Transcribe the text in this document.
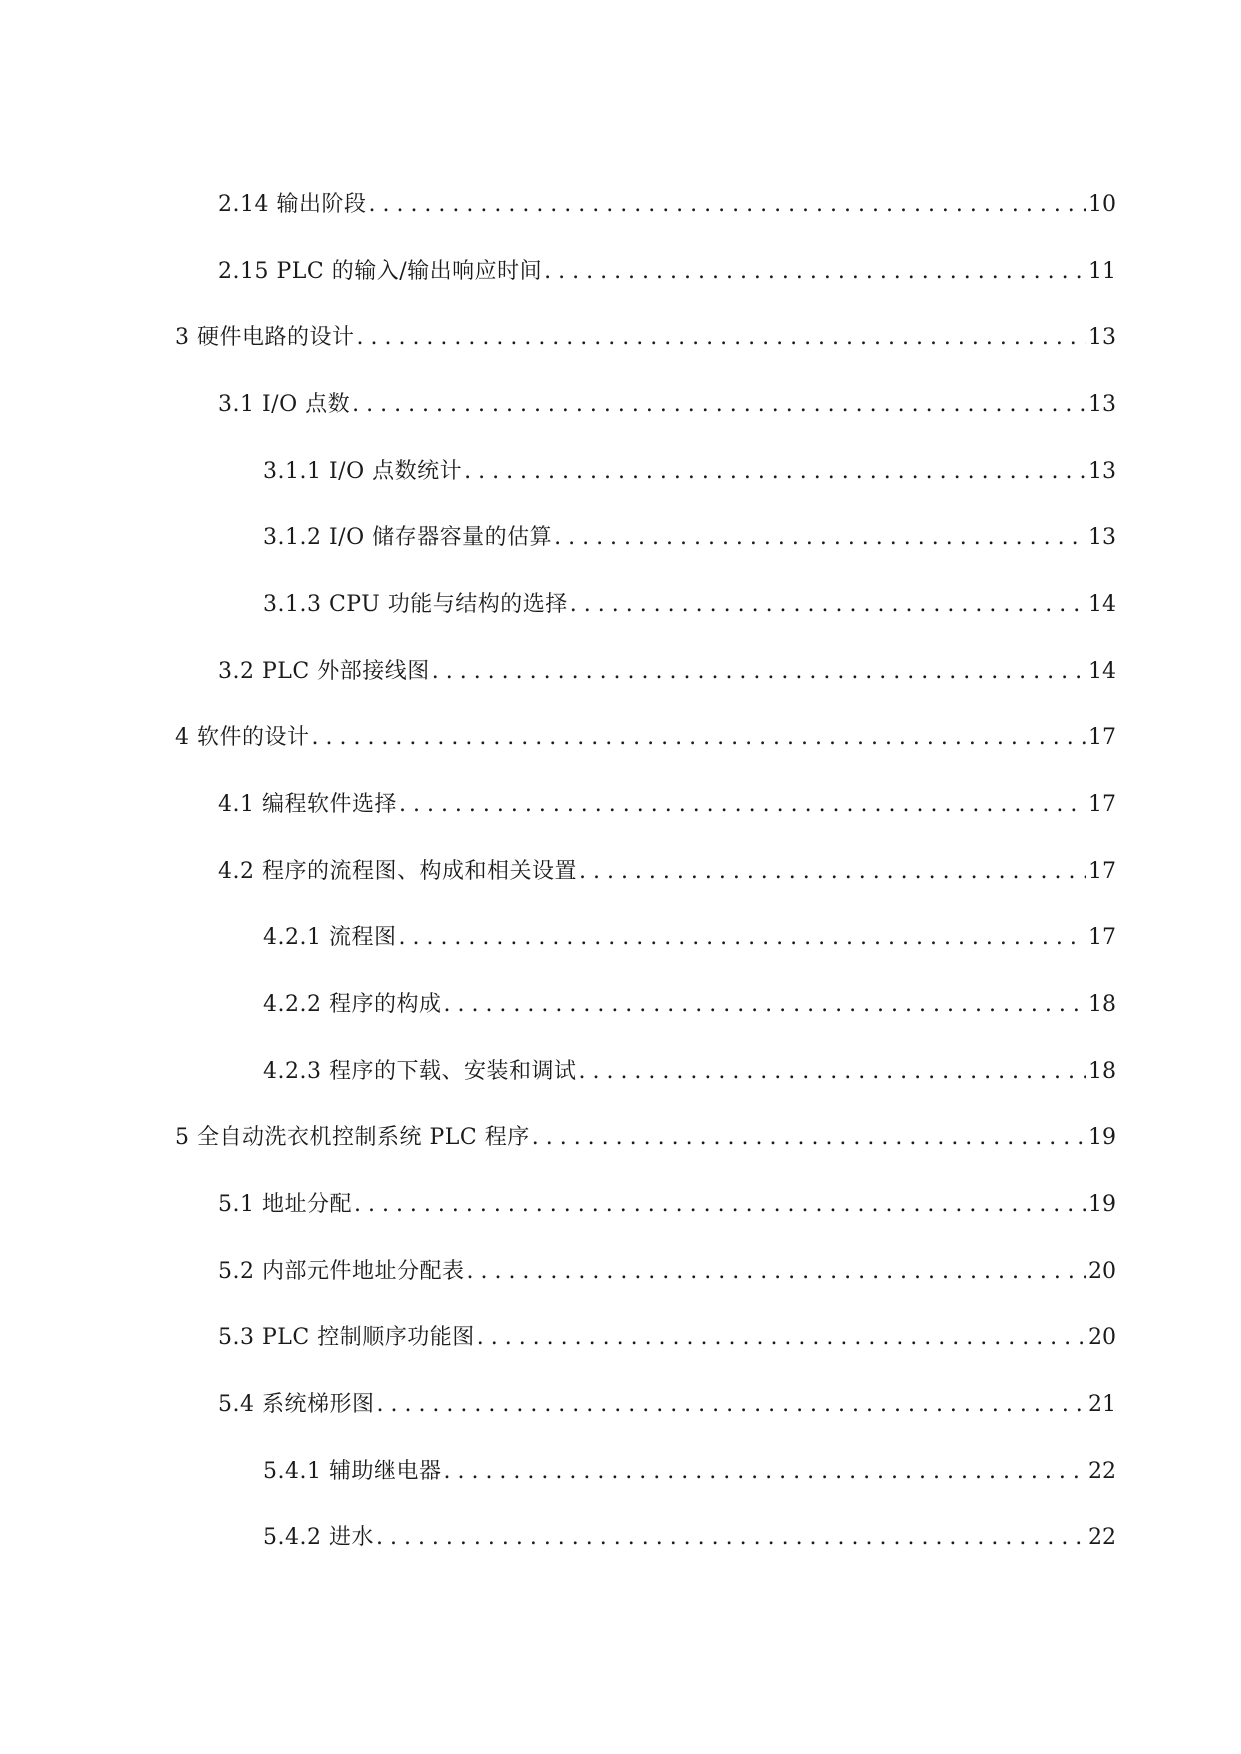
2.14 输出阶段 . . .	10
2.15 PLC 的输入/输出响应时间 . . .	11
3 硬件电路的设计 . . .	13
3.1 I/O 点数 . . .	13
3.1.1 I/O 点数统计 . . .	13
3.1.2 I/O 储存器容量的估算 . . .	13
3.1.3 CPU 功能与结构的选择 . . .	14
3.2 PLC 外部接线图 . . .	14
4 软件的设计 . . .	17
4.1 编程软件选择 . . .	17
4.2 程序的流程图、构成和相关设置 . . .	17
4.2.1 流程图 . . .	17
4.2.2 程序的构成 . . .	18
4.2.3 程序的下载、安装和调试 . . .	18
5 全自动洗衣机控制系统 PLC 程序 . . .	19
5.1 地址分配 . . .	19
5.2 内部元件地址分配表 . . .	20
5.3 PLC 控制顺序功能图 . . .	20
5.4 系统梯形图 . . .	21
5.4.1 辅助继电器 . . .	22
5.4.2 进水 . . .	22
